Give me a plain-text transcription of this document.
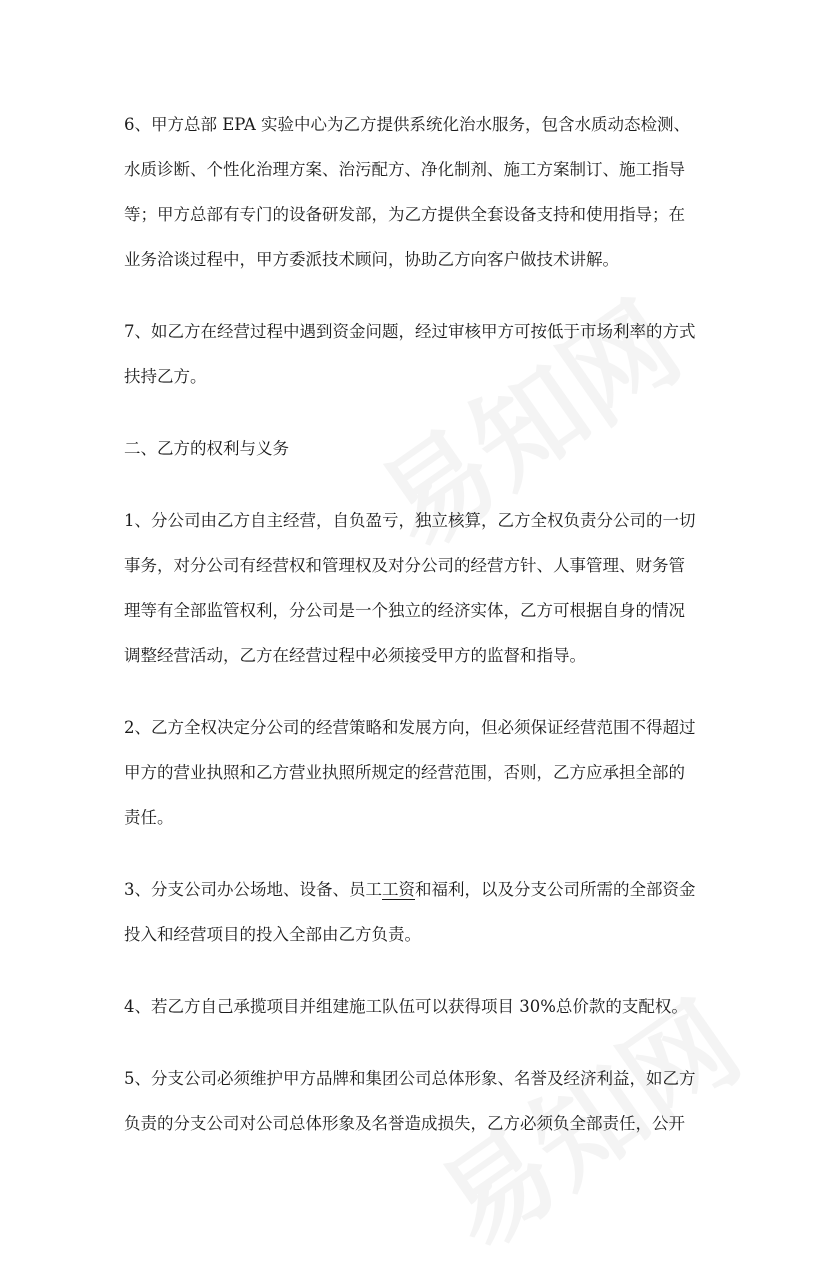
6、甲方总部 EPA 实验中心为乙方提供系统化治水服务，包含水质动态检测、
水质诊断、个性化治理方案、治污配方、净化制剂、施工方案制订、施工指导
等；甲方总部有专门的设备研发部，为乙方提供全套设备支持和使用指导；在
业务洽谈过程中，甲方委派技术顾问，协助乙方向客户做技术讲解。
7、如乙方在经营过程中遇到资金问题，经过审核甲方可按低于市场利率的方式
扶持乙方。
二、乙方的权利与义务
1、分公司由乙方自主经营，自负盈亏，独立核算，乙方全权负责分公司的一切
事务，对分公司有经营权和管理权及对分公司的经营方针、人事管理、财务管
理等有全部监管权利，分公司是一个独立的经济实体，乙方可根据自身的情况
调整经营活动，乙方在经营过程中必须接受甲方的监督和指导。
2、乙方全权决定分公司的经营策略和发展方向，但必须保证经营范围不得超过
甲方的营业执照和乙方营业执照所规定的经营范围，否则，乙方应承担全部的
责任。
3、分支公司办公场地、设备、员工工资和福利，以及分支公司所需的全部资金
投入和经营项目的投入全部由乙方负责。
4、若乙方自己承揽项目并组建施工队伍可以获得项目 30%总价款的支配权。
5、分支公司必须维护甲方品牌和集团公司总体形象、名誉及经济利益，如乙方
负责的分支公司对公司总体形象及名誉造成损失，乙方必须负全部责任，公开
